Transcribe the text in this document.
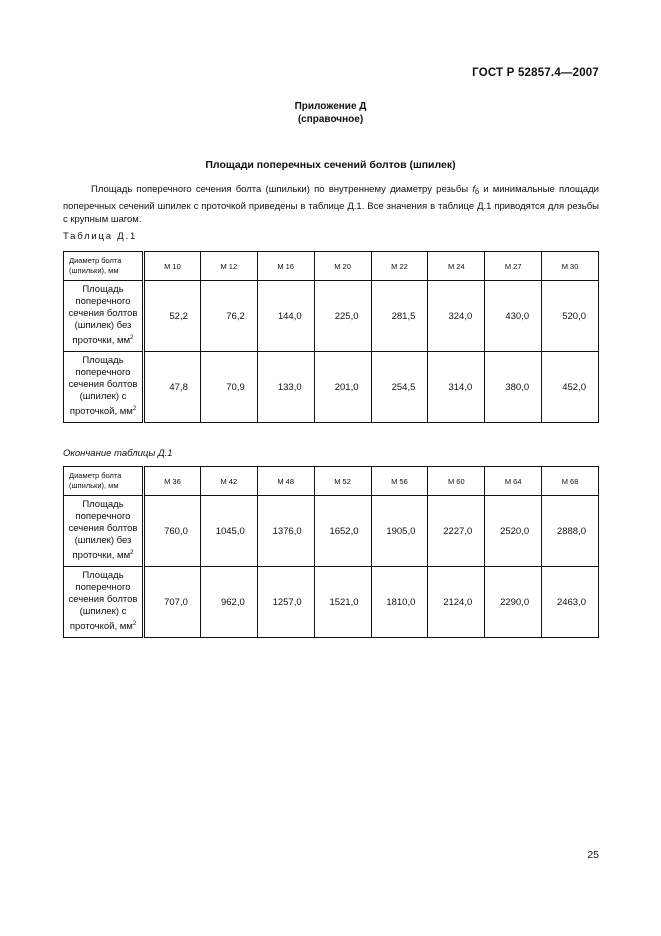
ГОСТ Р 52857.4—2007
Приложение Д
(справочное)
Площади поперечных сечений болтов (шпилек)

Площадь поперечного сечения болта (шпильки) по внутреннему диаметру резьбы $f_б$ и минимальные площади поперечных сечений шпилек с проточкой приведены в таблице Д.1. Все значения в таблице Д.1 приводятся для резьбы с крупным шагом.

Таблица Д.1
Диаметр болта (шпильки), мм	М 10	М 12	М 16	М 20	М 22	М 24	М 27	М 30
Площадь поперечного сечения болтов (шпилек) без проточки, $мм^2$	52,2	76,2	144,0	225,0	281,5	324,0	430,0	520,0
Площадь поперечного сечения болтов (шпилек) с проточкой, $мм^2$	47,8	70,9	133,0	201,0	254,5	314,0	380,0	452,0
Окончание таблицы Д.1
Диаметр болта (шпильки), мм	М 36	М 42	М 48	М 52	М 56	М 60	М 64	М 68
Площадь поперечного сечения болтов (шпилек) без проточки, $мм^2$	760,0	1045,0	1376,0	1652,0	1905,0	2227,0	2520,0	2888,0
Площадь поперечного сечения болтов (шпилек) с проточкой, $мм^2$	707,0	962,0	1257,0	1521,0	1810,0	2124,0	2290,0	2463,0
25
